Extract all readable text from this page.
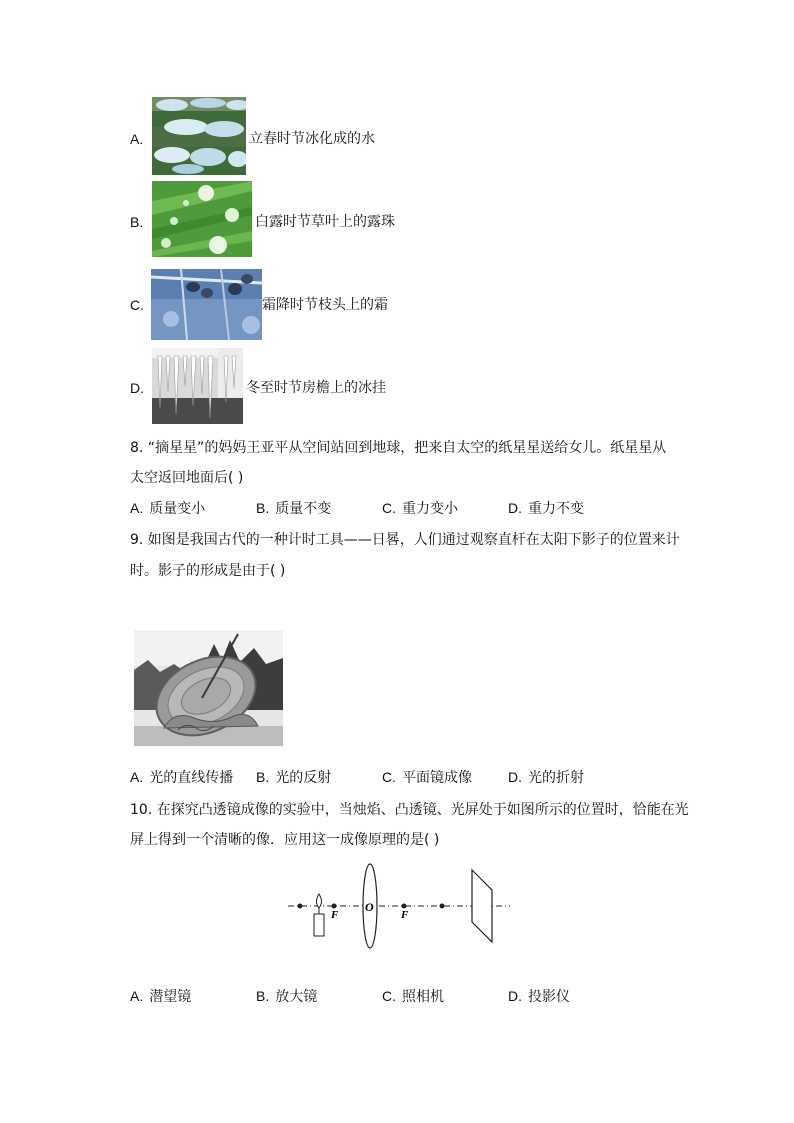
A.	立春时节冰化成的水
B.	白露时节草叶上的露珠
C.	霜降时节枝头上的霜
D.	冬至时节房檐上的冰挂
8. “摘星星”的妈妈王亚平从空间站回到地球，把来自太空的纸星星送给女儿。纸星星从
太空返回地面后( )
A. 质量变小	B. 质量不变	C. 重力变小	D. 重力不变
9. 如图是我国古代的一种计时工具——日晷，人们通过观察直杆在太阳下影子的位置来计
时。影子的形成是由于( )
A. 光的直线传播 B. 光的反射	C. 平面镜成像	D. 光的折射
10. 在探究凸透镜成像的实验中，当烛焰、凸透镜、光屏处于如图所示的位置时，恰能在光
屏上得到一个清晰的像．应用这一成像原理的是( )
F
O
F
A. 潜望镜	B. 放大镜	C. 照相机	D. 投影仪
